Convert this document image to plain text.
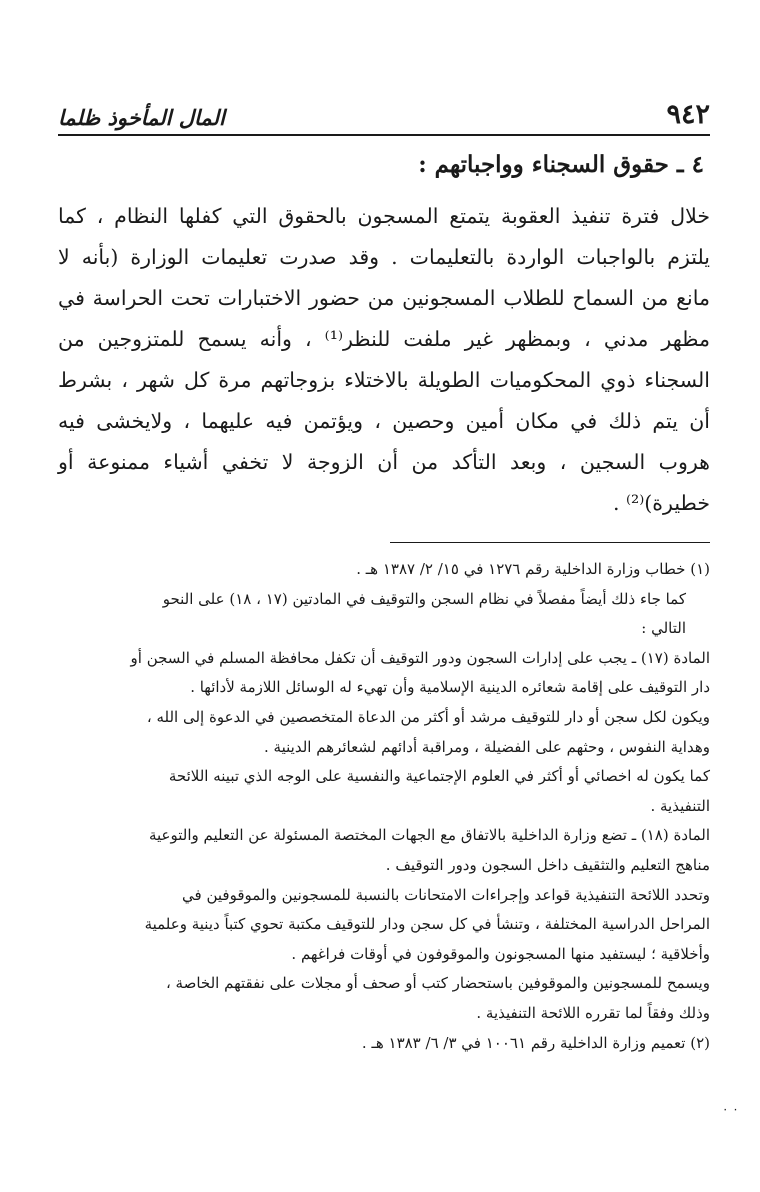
٩٤٢
المال المأخوذ ظلما
٤ ـ حقوق السجناء وواجباتهم :
خلال فترة تنفيذ العقوبة يتمتع المسجون بالحقوق التي كفلها النظام ، كما
يلتزم بالواجبات الواردة بالتعليمات . وقد صدرت تعليمات الوزارة (بأنه لا
مانع من السماح للطلاب المسجونين من حضور الاختبارات تحت الحراسة في
مظهر مدني ، وبمظهر غير ملفت للنظر⁽¹⁾ ، وأنه يسمح للمتزوجين من
السجناء ذوي المحكوميات الطويلة بالاختلاء بزوجاتهم مرة كل شهر ، بشرط
أن يتم ذلك في مكان أمين وحصين ، ويؤتمن فيه عليهما ، ولايخشى فيه
هروب السجين ، وبعد التأكد من أن الزوجة لا تخفي أشياء ممنوعة أو
خطيرة)⁽²⁾ .
(١) خطاب وزارة الداخلية رقم ١٢٧٦ في ١٥/ ٢/ ١٣٨٧ هـ .
كما جاء ذلك أيضاً مفصلاً في نظام السجن والتوقيف في المادتين (١٧ ، ١٨) على النحو
التالي :
المادة (١٧) ـ يجب على إدارات السجون ودور التوقيف أن تكفل محافظة المسلم في السجن أو
دار التوقيف على إقامة شعائره الدينية الإسلامية وأن تهيء له الوسائل اللازمة لأدائها .
ويكون لكل سجن أو دار للتوقيف مرشد أو أكثر من الدعاة المتخصصين في الدعوة إلى الله ،
وهداية النفوس ، وحثهم على الفضيلة ، ومراقبة أدائهم لشعائرهم الدينية .
كما يكون له اخصائي أو أكثر في العلوم الإجتماعية والنفسية على الوجه الذي تبينه اللائحة
التنفيذية .
المادة (١٨) ـ تضع وزارة الداخلية بالاتفاق مع الجهات المختصة المسئولة عن التعليم والتوعية
مناهج التعليم والتثقيف داخل السجون ودور التوقيف .
وتحدد اللائحة التنفيذية قواعد وإجراءات الامتحانات بالنسبة للمسجونين والموقوفين في
المراحل الدراسية المختلفة ، وتنشأ في كل سجن ودار للتوقيف مكتبة تحوي كتباً دينية وعلمية
وأخلاقية ؛ ليستفيد منها المسجونون والموقوفون في أوقات فراغهم .
ويسمح للمسجونين والموقوفين باستحضار كتب أو صحف أو مجلات على نفقتهم الخاصة ،
وذلك وفقاً لما تقرره اللائحة التنفيذية .
(٢) تعميم وزارة الداخلية رقم ١٠٠٦١ في ٣/ ٦/ ١٣٨٣ هـ .
٠ ٠
